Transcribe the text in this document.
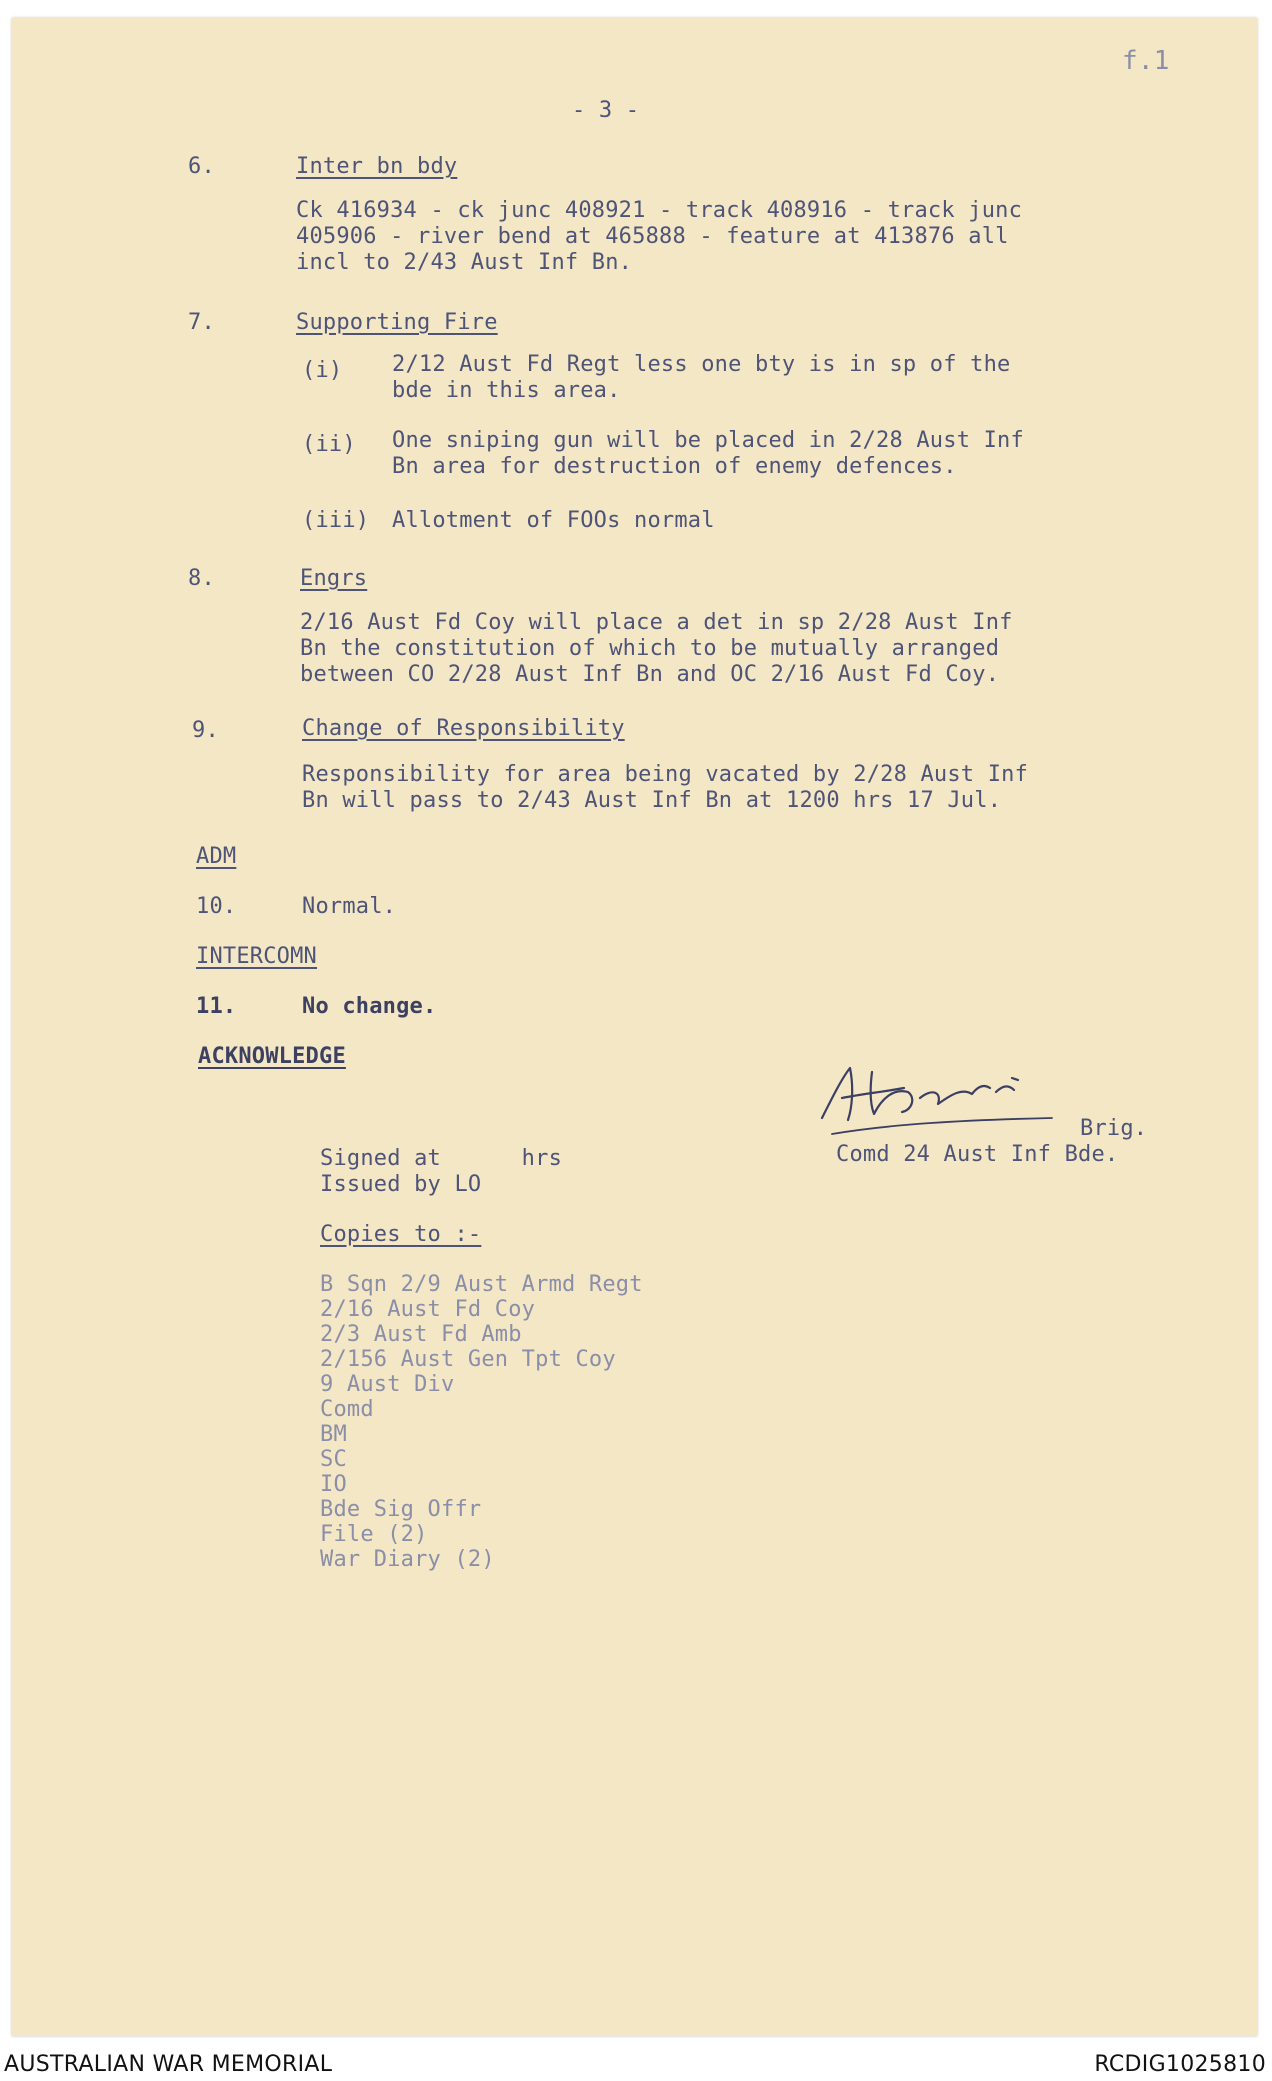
- 3 -
f.1
6.	Inter bn bdy
Ck 416934 - ck junc 408921 - track 408916 - track junc
405906 - river bend at 465888 - feature at 413876 all
incl to 2/43 Aust Inf Bn.
7.	Supporting Fire
(i) 2/12 Aust Fd Regt less one bty is in sp of the
bde in this area.
(ii) One sniping gun will be placed in 2/28 Aust Inf
Bn area for destruction of enemy defences.
(iii) Allotment of FOOs normal
8.	Engrs
2/16 Aust Fd Coy will place a det in sp 2/28 Aust Inf
Bn the constitution of which to be mutually arranged
between CO 2/28 Aust Inf Bn and OC 2/16 Aust Fd Coy.
9.	Change of Responsibility
Responsibility for area being vacated by 2/28 Aust Inf
Bn will pass to 2/43 Aust Inf Bn at 1200 hrs 17 Jul.
ADM
10.	Normal.
INTERCOMN
11.	No change.
ACKNOWLEDGE
Brig.
Comd 24 Aust Inf Bde.
Signed at      hrs
Issued by LO
Copies to :-
B Sqn 2/9 Aust Armd Regt
2/16 Aust Fd Coy
2/3 Aust Fd Amb
2/156 Aust Gen Tpt Coy
9 Aust Div
Comd
BM
SC
IO
Bde Sig Offr
File (2)
War Diary (2)
AUSTRALIAN WAR MEMORIAL	RCDIG1025810
